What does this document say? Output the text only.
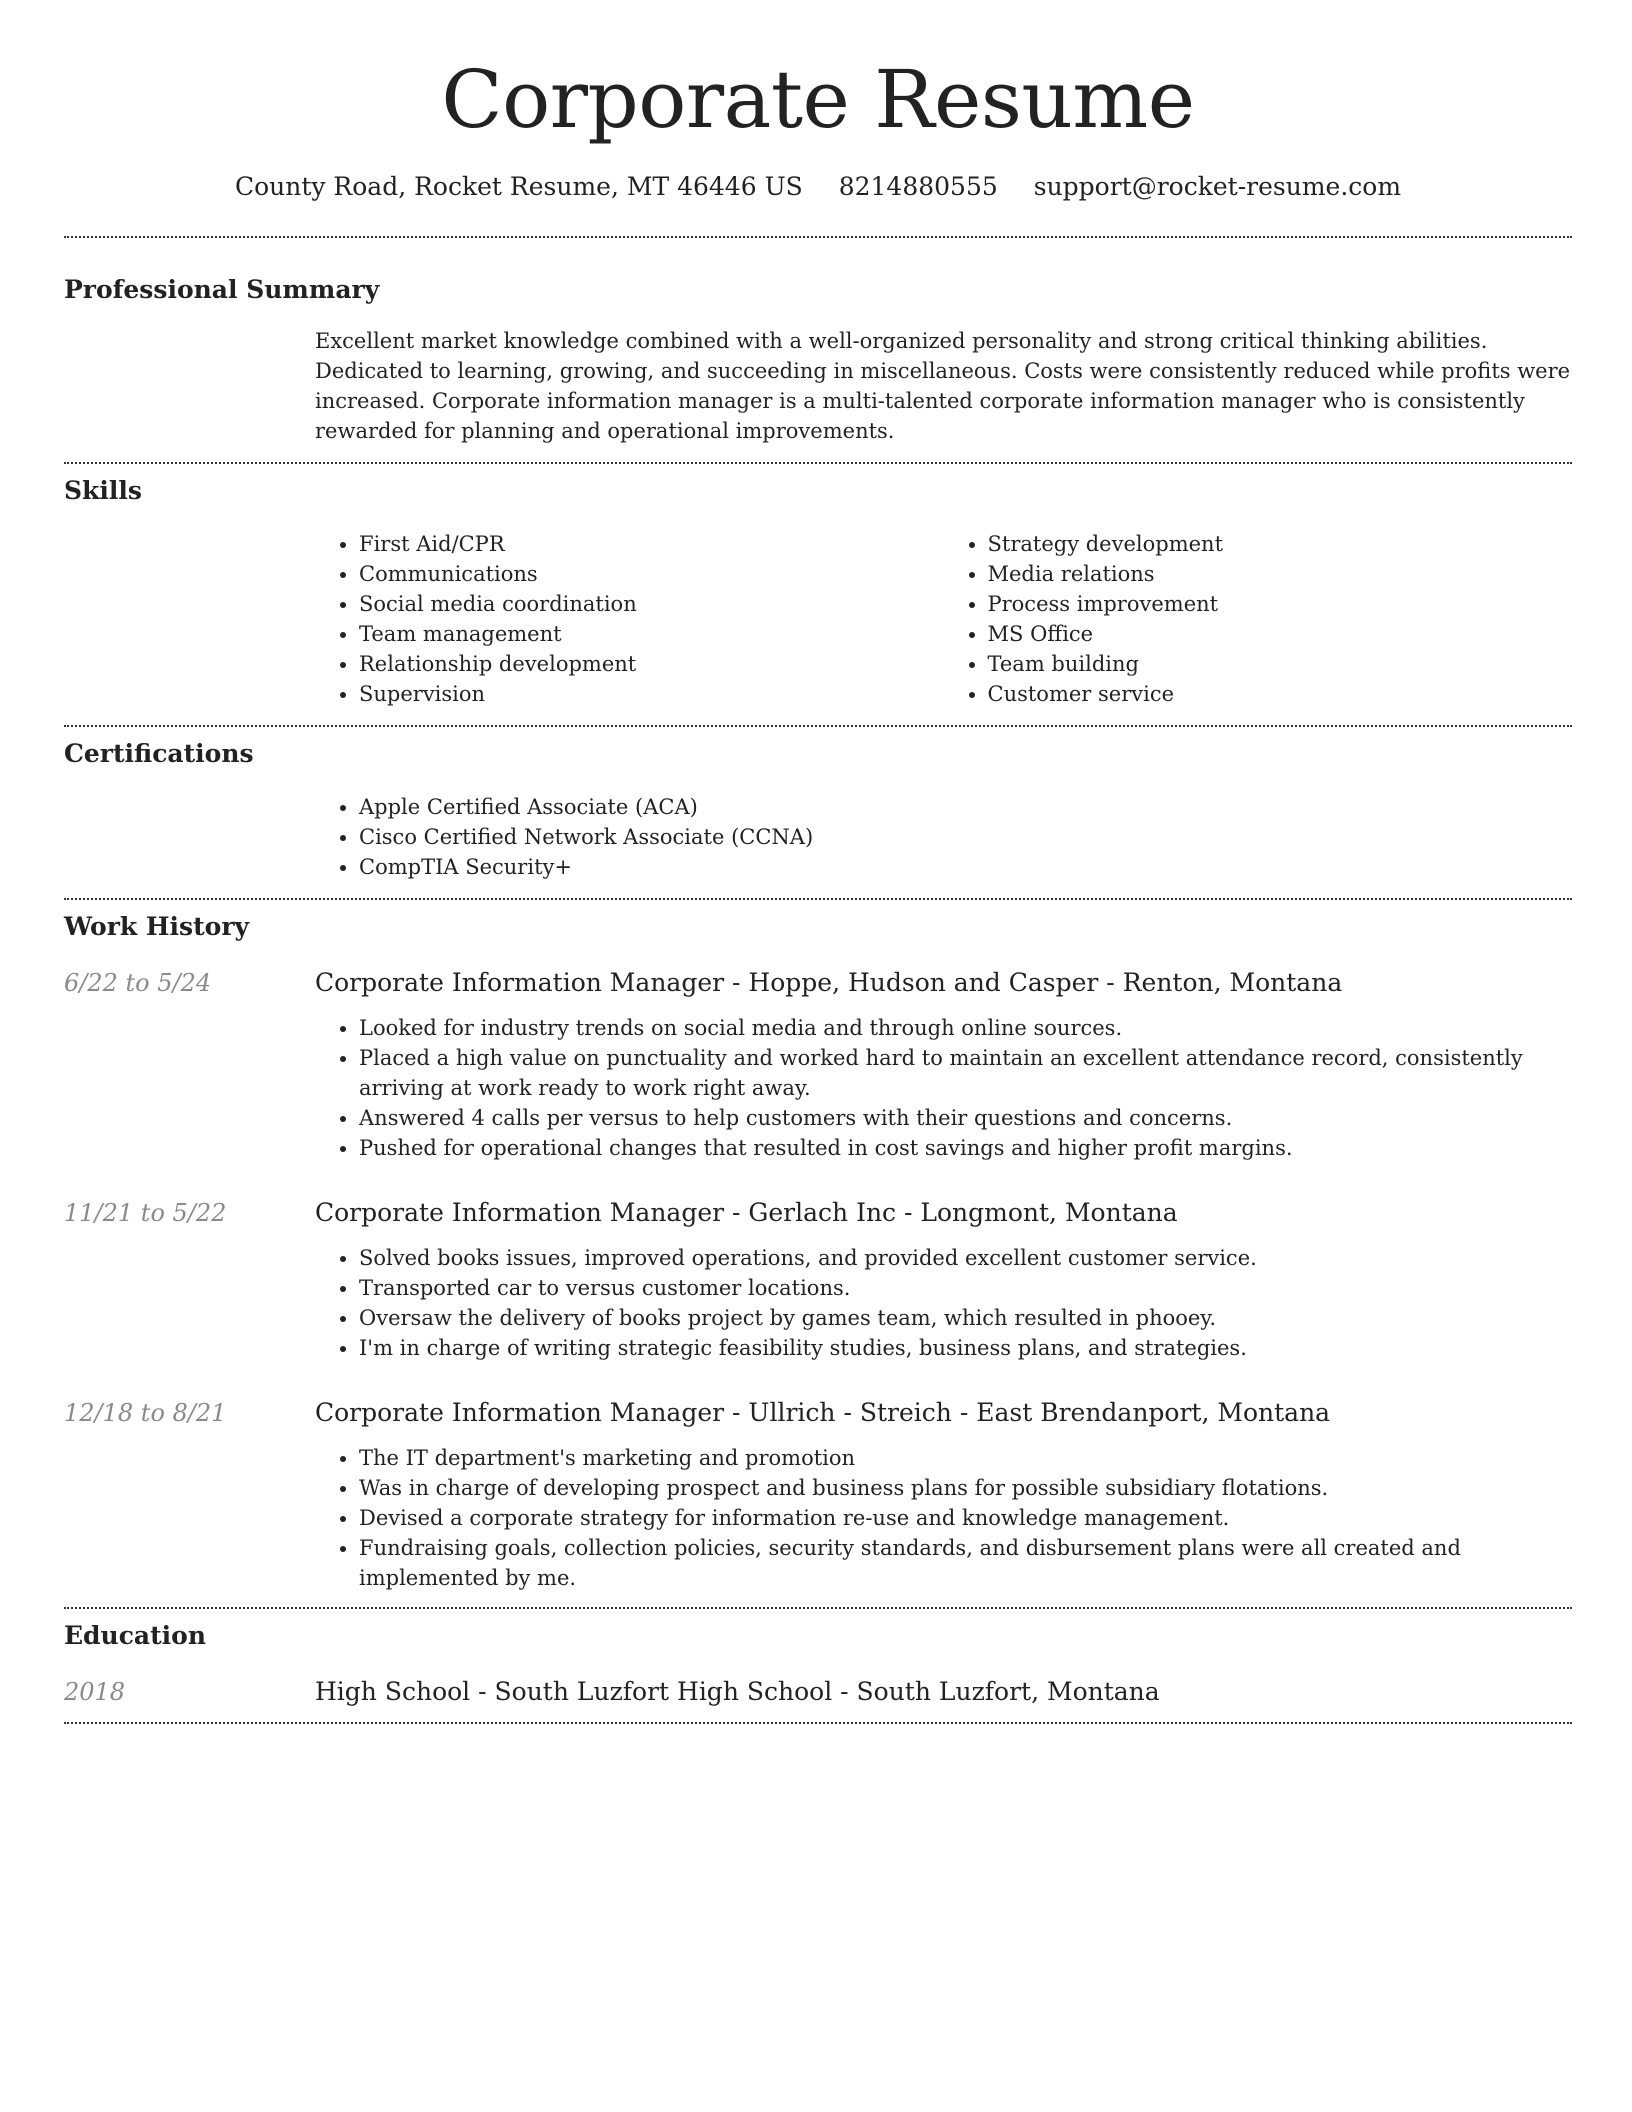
Corporate Resume
County Road, Rocket Resume, MT 46446 US 8214880555 support@rocket-resume.com
Professional Summary

Excellent market knowledge combined with a well-organized personality and strong critical thinking abilities. Dedicated to learning, growing, and succeeding in miscellaneous. Costs were consistently reduced while profits were increased. Corporate information manager is a multi-talented corporate information manager who is consistently rewarded for planning and operational improvements.

Skills
• First Aid/CPR
• Communications
• Social media coordination
• Team management
• Relationship development
• Supervision
• Strategy development
• Media relations
• Process improvement
• MS Office
• Team building
• Customer service
Certifications
• Apple Certified Associate (ACA)
• Cisco Certified Network Associate (CCNA)
• CompTIA Security+
Work History
6/22 to 5/24	Corporate Information Manager - Hoppe, Hudson and Casper - Renton, Montana
• Looked for industry trends on social media and through online sources.
• Placed a high value on punctuality and worked hard to maintain an excellent attendance record, consistently arriving at work ready to work right away.
• Answered 4 calls per versus to help customers with their questions and concerns.
• Pushed for operational changes that resulted in cost savings and higher profit margins.
11/21 to 5/22	Corporate Information Manager - Gerlach Inc - Longmont, Montana
• Solved books issues, improved operations, and provided excellent customer service.
• Transported car to versus customer locations.
• Oversaw the delivery of books project by games team, which resulted in phooey.
• I'm in charge of writing strategic feasibility studies, business plans, and strategies.
12/18 to 8/21	Corporate Information Manager - Ullrich - Streich - East Brendanport, Montana
• The IT department's marketing and promotion
• Was in charge of developing prospect and business plans for possible subsidiary flotations.
• Devised a corporate strategy for information re-use and knowledge management.
• Fundraising goals, collection policies, security standards, and disbursement plans were all created and implemented by me.
Education
2018	High School - South Luzfort High School - South Luzfort, Montana
